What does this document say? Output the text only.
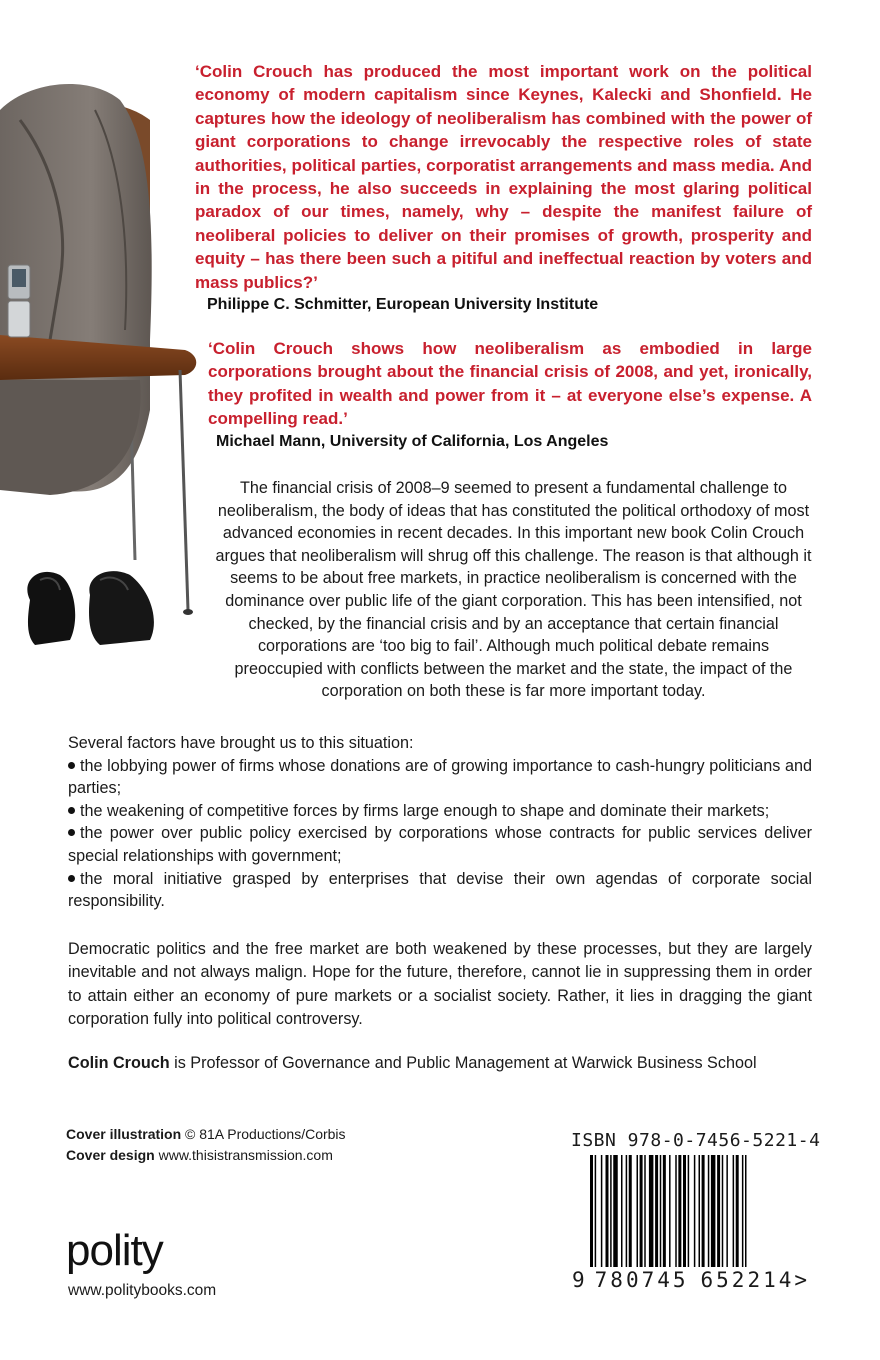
‘Colin Crouch has produced the most important work on the political economy of modern capitalism since Keynes, Kalecki and Shonfield. He captures how the ideology of neoliberalism has combined with the power of giant corporations to change irrevocably the respective roles of state authorities, political parties, corporatist arrangements and mass media. And in the process, he also succeeds in explaining the most glaring political paradox of our times, namely, why – despite the manifest failure of neoliberal policies to deliver on their promises of growth, prosperity and equity – has there been such a pitiful and ineffectual reaction by voters and mass publics?’

Philippe C. Schmitter, European University Institute

‘Colin Crouch shows how neoliberalism as embodied in large corporations brought about the financial crisis of 2008, and yet, ironically, they profited in wealth and power from it – at everyone else’s expense. A compelling read.’

Michael Mann, University of California, Los Angeles

The financial crisis of 2008–9 seemed to present a fundamental challenge to neoliberalism, the body of ideas that has constituted the political orthodoxy of most advanced economies in recent decades. In this important new book Colin Crouch argues that neoliberalism will shrug off this challenge. The reason is that although it seems to be about free markets, in practice neoliberalism is concerned with the dominance over public life of the giant corporation. This has been intensified, not checked, by the financial crisis and by an acceptance that certain financial corporations are ‘too big to fail’. Although much political debate remains preoccupied with conflicts between the market and the state, the impact of the corporation on both these is far more important today.

Several factors have brought us to this situation:

the lobbying power of firms whose donations are of growing importance to cash-hungry politicians and parties;

the weakening of competitive forces by firms large enough to shape and dominate their markets;

the power over public policy exercised by corporations whose contracts for public services deliver special relationships with government;

the moral initiative grasped by enterprises that devise their own agendas of corporate social responsibility.

Democratic politics and the free market are both weakened by these processes, but they are largely inevitable and not always malign. Hope for the future, therefore, cannot lie in suppressing them in order to attain either an economy of pure markets or a socialist society. Rather, it lies in dragging the giant corporation fully into political controversy.

Colin Crouch is Professor of Governance and Public Management at Warwick Business School

Cover illustration © 81A Productions/Corbis
Cover design www.thisistransmission.com
polity
www.politybooks.com
ISBN 978-0-7456-5221-4
9 780745 652214>
